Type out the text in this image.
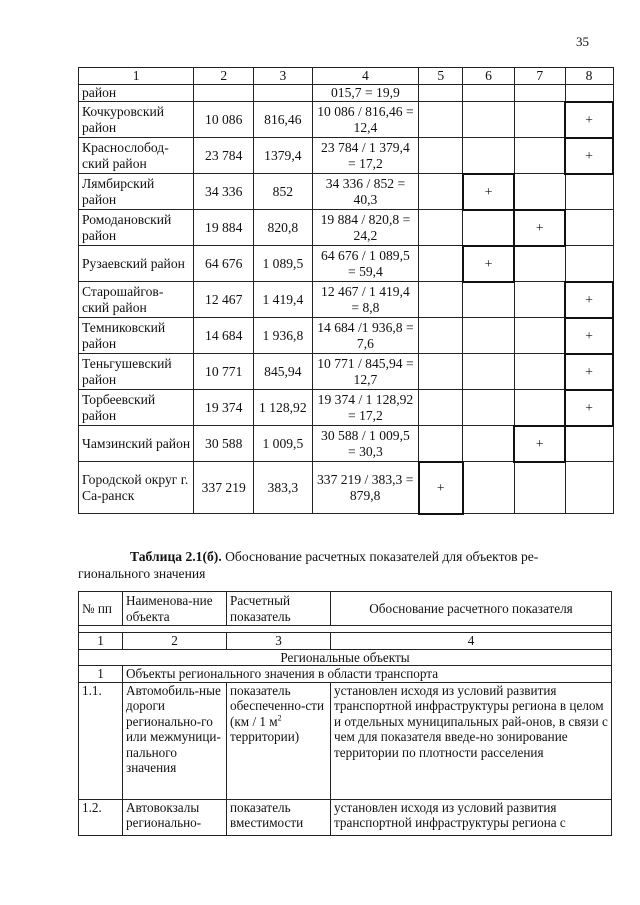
35
1	2	3	4	5	6	7	8
район			015,7 = 19,9				
Кочкуровский район	10 086	816,46	10 086 / 816,46 = 12,4				+
Краснослобод-ский район	23 784	1379,4	23 784 / 1 379,4 = 17,2				+
Лямбирский район	34 336	852	34 336 / 852 = 40,3		+		
Ромодановский район	19 884	820,8	19 884 / 820,8 = 24,2			+	
Рузаевский район	64 676	1 089,5	64 676 / 1 089,5 = 59,4		+		
Старошайгов-ский район	12 467	1 419,4	12 467 / 1 419,4 = 8,8				+
Темниковский район	14 684	1 936,8	14 684 /1 936,8 = 7,6				+
Теньгушевский район	10 771	845,94	10 771 / 845,94 = 12,7				+
Торбеевский район	19 374	1 128,92	19 374 / 1 128,92 = 17,2				+
Чамзинский район	30 588	1 009,5	30 588 / 1 009,5 = 30,3			+	
Городской округ г. Са-ранск	337 219	383,3	337 219 / 383,3 = 879,8	+			
Таблица 2.1(б). Обоснование расчетных показателей для объектов ре-гионального значения
№ пп	Наименова-ние объекта	Расчетный показатель	Обоснование расчетного показателя

1	2	3	4
Региональные объекты			
1	Объекты регионального значения в области транспорта		
1.1.	Автомобиль-ные дороги регионально-го или межмуници-пального значения	показатель обеспеченно-сти (км / 1 $м^2$ территории)	установлен исходя из условий развития транспортной инфраструктуры региона в целом и отдельных муниципальных рай-онов, в связи с чем для показателя введе-но зонирование территории по плотности расселения
1.2.	Автовокзалы регионально-	показатель вместимости	установлен исходя из условий развития транспортной инфраструктуры региона с
